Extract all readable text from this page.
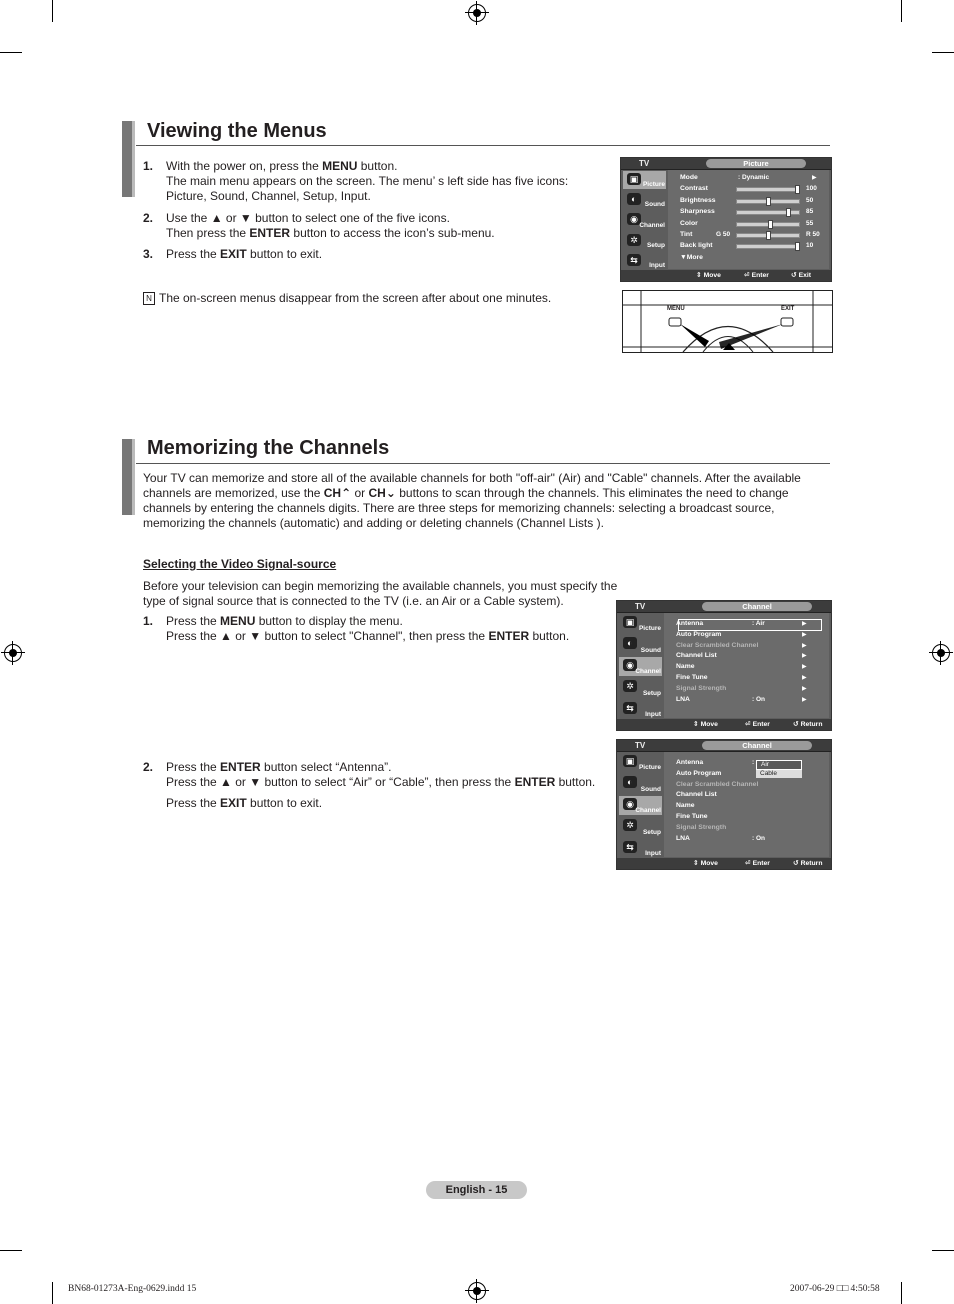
Viewing the Menus
1. With the power on, press the MENU button.
The main menu appears on the screen. The menu’ s left side has five icons:
Picture, Sound, Channel, Setup, Input.
2. Use the ▲ or ▼ button to select one of the five icons.
Then press the ENTER button to access the icon’s sub-menu.
3. Press the EXIT button to exit.
N The on-screen menus disappear from the screen after about one minutes.
TV	Picture
▣
Picture
◐
Sound
◉
Channel
✲
Setup
⇆
Input
Mode	: Dynamic	▶
Contrast	100
Brightness	50
Sharpness	85
Color	55
Tint	G 50	R 50
Back light	10
▼More
⇕ Move	⏎ Enter	↺ Exit
MENU	EXIT
Memorizing the Channels
Your TV can memorize and store all of the available channels for both "off-air" (Air) and "Cable" channels. After the available
channels are memorized, use the CH⌃ or CH⌄ buttons to scan through the channels. This eliminates the need to change
channels by entering the channels digits. There are three steps for memorizing channels: selecting a broadcast source,
memorizing the channels (automatic) and adding or deleting channels (Channel Lists ).
Selecting the Video Signal-source
Before your television can begin memorizing the available channels, you must specify the
type of signal source that is connected to the TV (i.e. an Air or a Cable system).
1. Press the MENU button to display the menu.
Press the ▲ or ▼ button to select "Channel", then press the ENTER button.
2. Press the ENTER button select “Antenna”.
Press the ▲ or ▼ button to select “Air” or “Cable”, then press the ENTER button.
Press the EXIT button to exit.
TV	Channel
▣
Picture
◐
Sound
◉
Channel
✲
Setup
⇆
Input
Antenna	: Air	▶
Auto Program	▶
Clear Scrambled Channel	▶
Channel List	▶
Name	▶
Fine Tune	▶
Signal Strength	▶
LNA	: On	▶
⇕ Move	⏎ Enter	↺ Return
TV	Channel
▣
Picture
◐
Sound
◉
Channel
✲
Setup
⇆
Input
Antenna	:
Auto Program
Clear Scrambled Channel
Channel List
Name
Fine Tune
Signal Strength
LNA	: On
Air
Cable
⇕ Move	⏎ Enter	↺ Return
English - 15
BN68-01273A-Eng-0629.indd 15	2007-06-29 □□ 4:50:58
